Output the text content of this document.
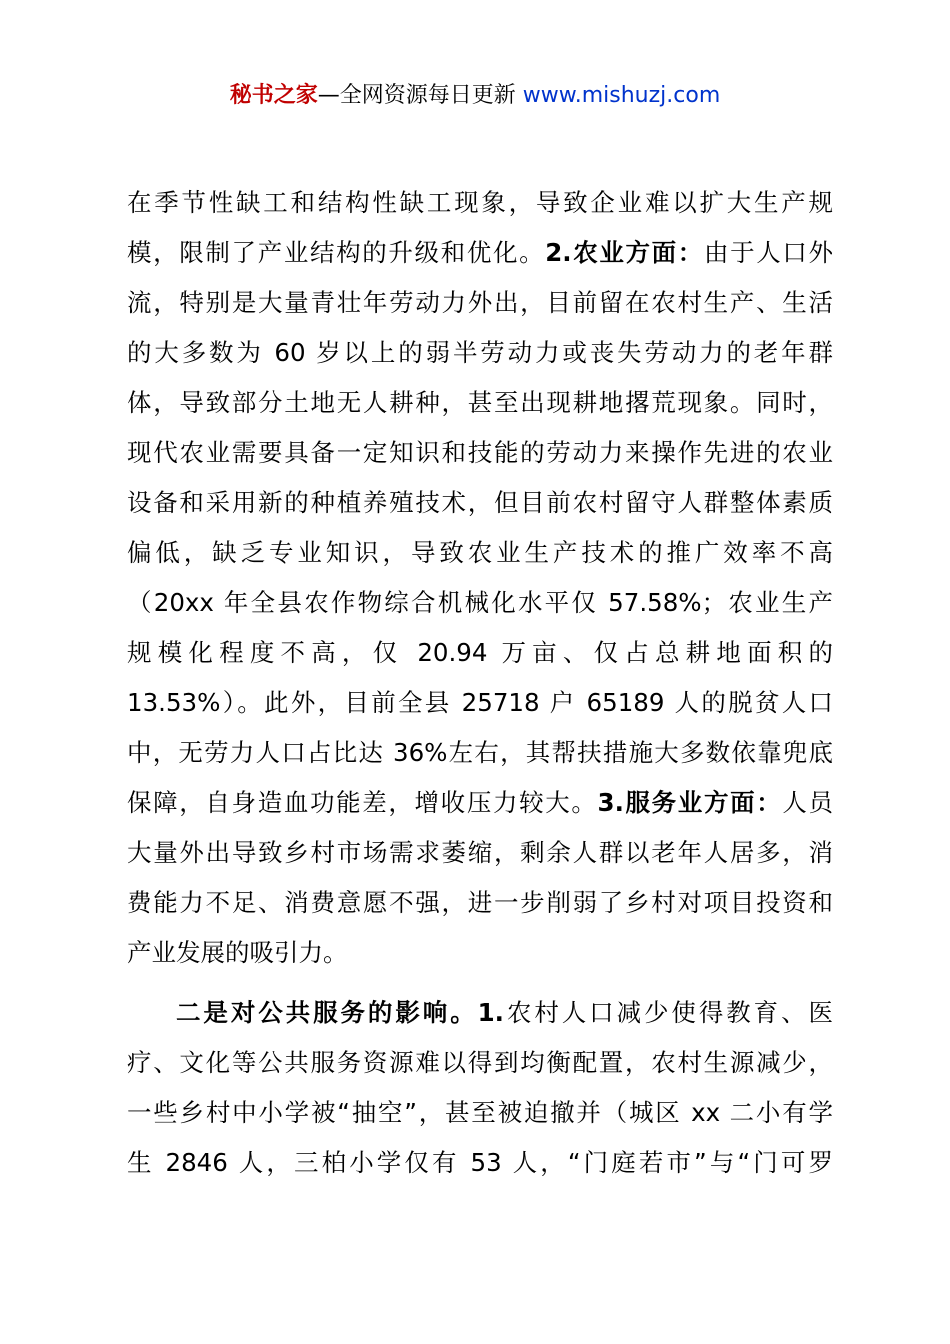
秘书之家—全网资源每日更新 www.mishuzj.com
在季节性缺工和结构性缺工现象，导致企业难以扩大生产规
模，限制了产业结构的升级和优化。2.农业方面：由于人口外
流，特别是大量青壮年劳动力外出，目前留在农村生产、生活
的大多数为 60 岁以上的弱半劳动力或丧失劳动力的老年群
体，导致部分土地无人耕种，甚至出现耕地撂荒现象。同时，
现代农业需要具备一定知识和技能的劳动力来操作先进的农业
设备和采用新的种植养殖技术，但目前农村留守人群整体素质
偏低，缺乏专业知识，导致农业生产技术的推广效率不高
（20xx 年全县农作物综合机械化水平仅 57.58%；农业生产
规模化程度不高，仅 20.94 万亩、仅占总耕地面积的
13.53%）。此外，目前全县 25718 户 65189 人的脱贫人口
中，无劳力人口占比达 36%左右，其帮扶措施大多数依靠兜底
保障，自身造血功能差，增收压力较大。3.服务业方面：人员
大量外出导致乡村市场需求萎缩，剩余人群以老年人居多，消
费能力不足、消费意愿不强，进一步削弱了乡村对项目投资和
产业发展的吸引力。
二是对公共服务的影响。1.农村人口减少使得教育、医
疗、文化等公共服务资源难以得到均衡配置，农村生源减少，
一些乡村中小学被“抽空”，甚至被迫撤并（城区 xx 二小有学
生 2846 人，三柏小学仅有 53 人，“门庭若市”与“门可罗
